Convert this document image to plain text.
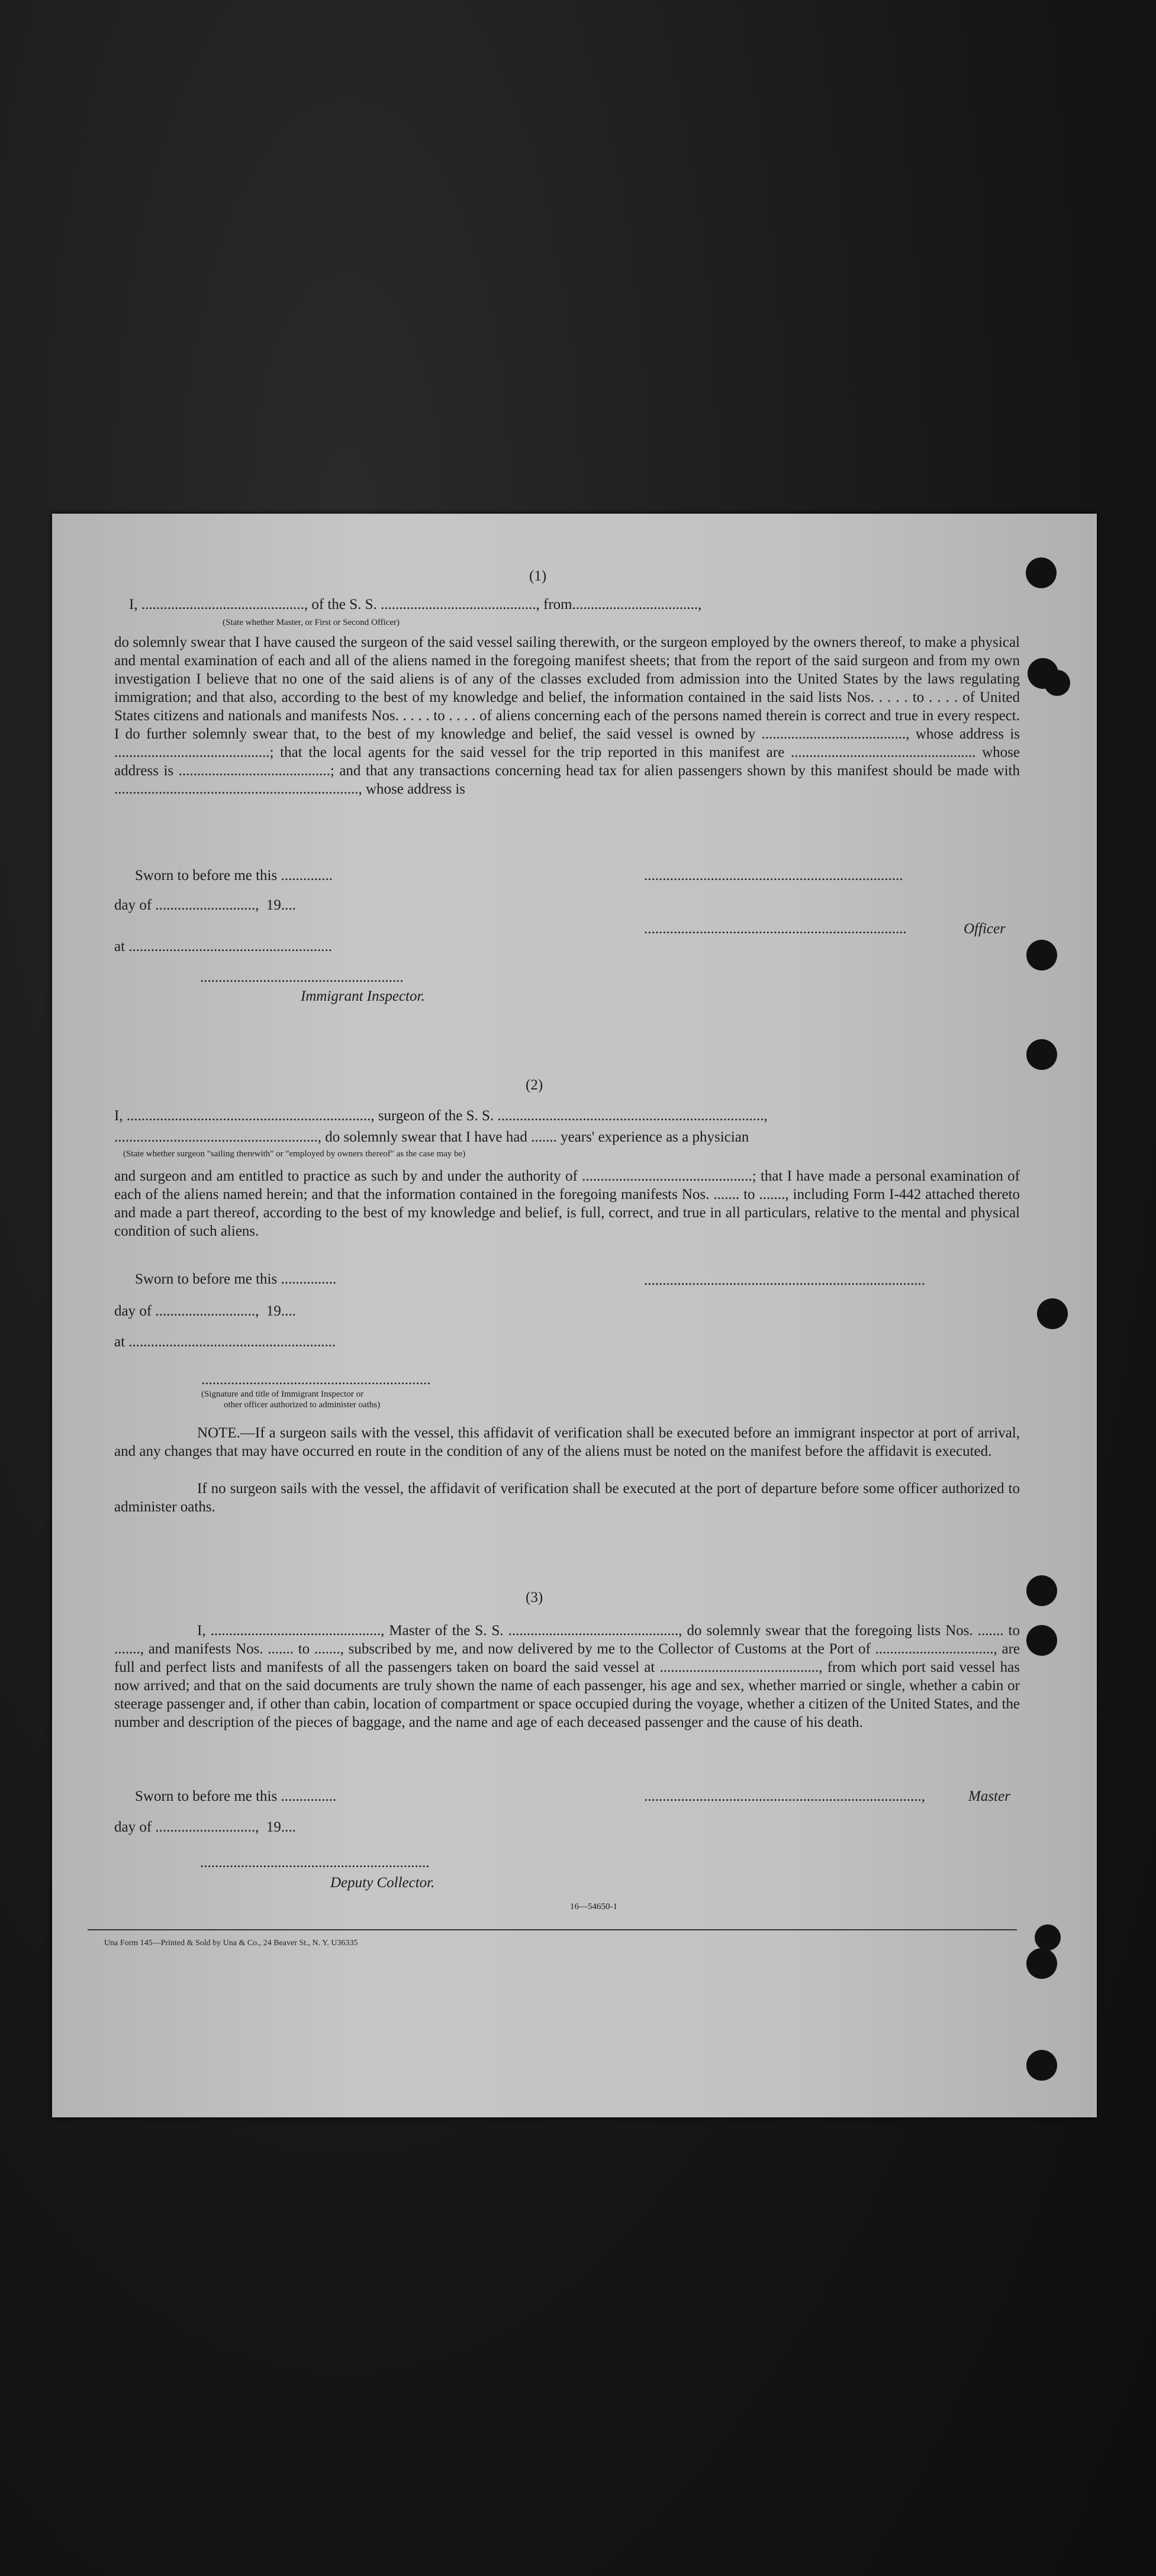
(1)
I, ............................................, of the S. S. .........................................., from..................................,
(State whether Master, or First or Second Officer)
do solemnly swear that I have caused the surgeon of the said vessel sailing therewith, or the surgeon employed by the owners thereof, to make a physical and mental examination of each and all of the aliens named in the foregoing manifest sheets; that from the report of the said surgeon and from my own investigation I believe that no one of the said aliens is of any of the classes excluded from admission into the United States by the laws regulating immigration; and that also, according to the best of my knowledge and belief, the information contained in the said lists Nos. . . . . to . . . . of United States citizens and nationals and manifests Nos. . . . . to . . . . of aliens concerning each of the persons named therein is correct and true in every respect. I do further solemnly swear that, to the best of my knowledge and belief, the said vessel is owned by ......................................., whose address is ..........................................; that the local agents for the said vessel for the trip reported in this manifest are .................................................. whose address is .........................................; and that any transactions concerning head tax for alien passengers shown by this manifest should be made with .................................................................., whose address is
Sworn to before me this ..............	......................................................................
day of ...........................,  19....
.......................................................................	Officer
at .......................................................
.......................................................
Immigrant Inspector.
(2)
I, .................................................................., surgeon of the S. S. ........................................................................,
......................................................., do solemnly swear that I have had ....... years' experience as a physician
(State whether surgeon "sailing therewith" or "employed by owners thereof" as the case may be)
and surgeon and am entitled to practice as such by and under the authority of ..............................................; that I have made a personal examination of each of the aliens named herein; and that the information contained in the foregoing manifests Nos. ....... to ......., including Form I-442 attached thereto and made a part thereof, according to the best of my knowledge and belief, is full, correct, and true in all particulars, relative to the mental and physical condition of such aliens.
Sworn to before me this ...............	............................................................................
day of ...........................,  19....
at ........................................................
..............................................................
(Signature and title of Immigrant Inspector or
other officer authorized to administer oaths)
NOTE.—If a surgeon sails with the vessel, this affidavit of verification shall be executed before an immigrant inspector at port of arrival, and any changes that may have occurred en route in the condition of any of the aliens must be noted on the manifest before the affidavit is executed.
If no surgeon sails with the vessel, the affidavit of verification shall be executed at the port of departure before some officer authorized to administer oaths.
(3)
I, .............................................., Master of the S. S. .............................................., do solemnly swear that the foregoing lists Nos. ....... to ......., and manifests Nos. ....... to ......., subscribed by me, and now delivered by me to the Collector of Customs at the Port of ................................, are full and perfect lists and manifests of all the passengers taken on board the said vessel at ..........................................., from which port said vessel has now arrived; and that on the said documents are truly shown the name of each passenger, his age and sex, whether married or single, whether a cabin or steerage passenger and, if other than cabin, location of compartment or space occupied during the voyage, whether a citizen of the United States, and the number and description of the pieces of baggage, and the name and age of each deceased passenger and the cause of his death.
Sworn to before me this ...............	...........................................................................,	Master
day of ...........................,  19....
..............................................................
Deputy Collector.
16—54650-1
Una Form 145—Printed & Sold by Una & Co., 24 Beaver St., N. Y. U36335
